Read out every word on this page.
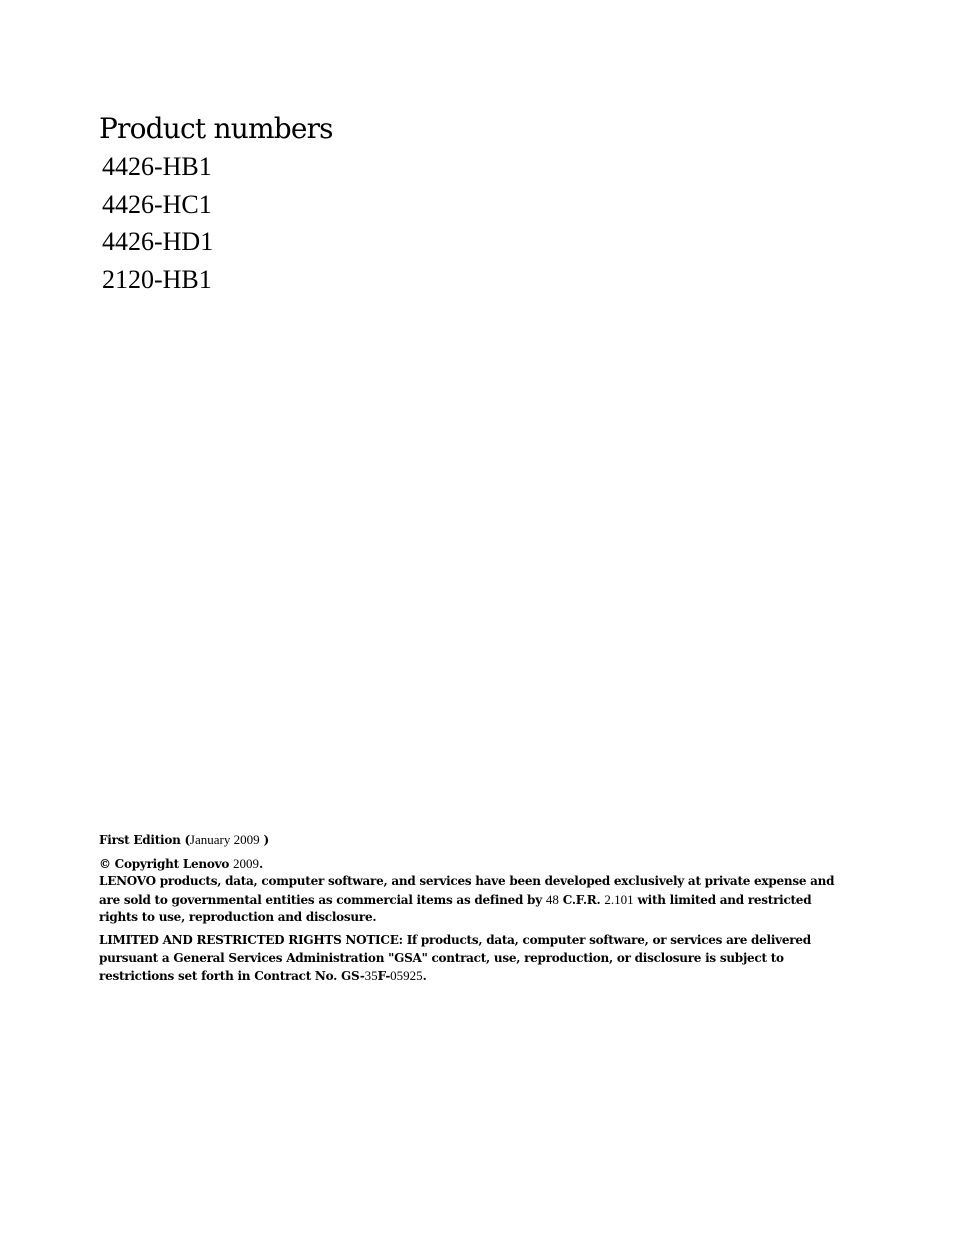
Product numbers
4426-HB1
4426-HC1
4426-HD1
2120-HB1

First Edition (January 2009 )

© Copyright Lenovo 2009.

LENOVO products, data, computer software, and services have been developed exclusively at private expense and are sold to governmental entities as commercial items as defined by 48 C.F.R. 2.101 with limited and restricted rights to use, reproduction and disclosure.

LIMITED AND RESTRICTED RIGHTS NOTICE: If products, data, computer software, or services are delivered pursuant a General Services Administration "GSA" contract, use, reproduction, or disclosure is subject to restrictions set forth in Contract No. GS-35F-05925.
